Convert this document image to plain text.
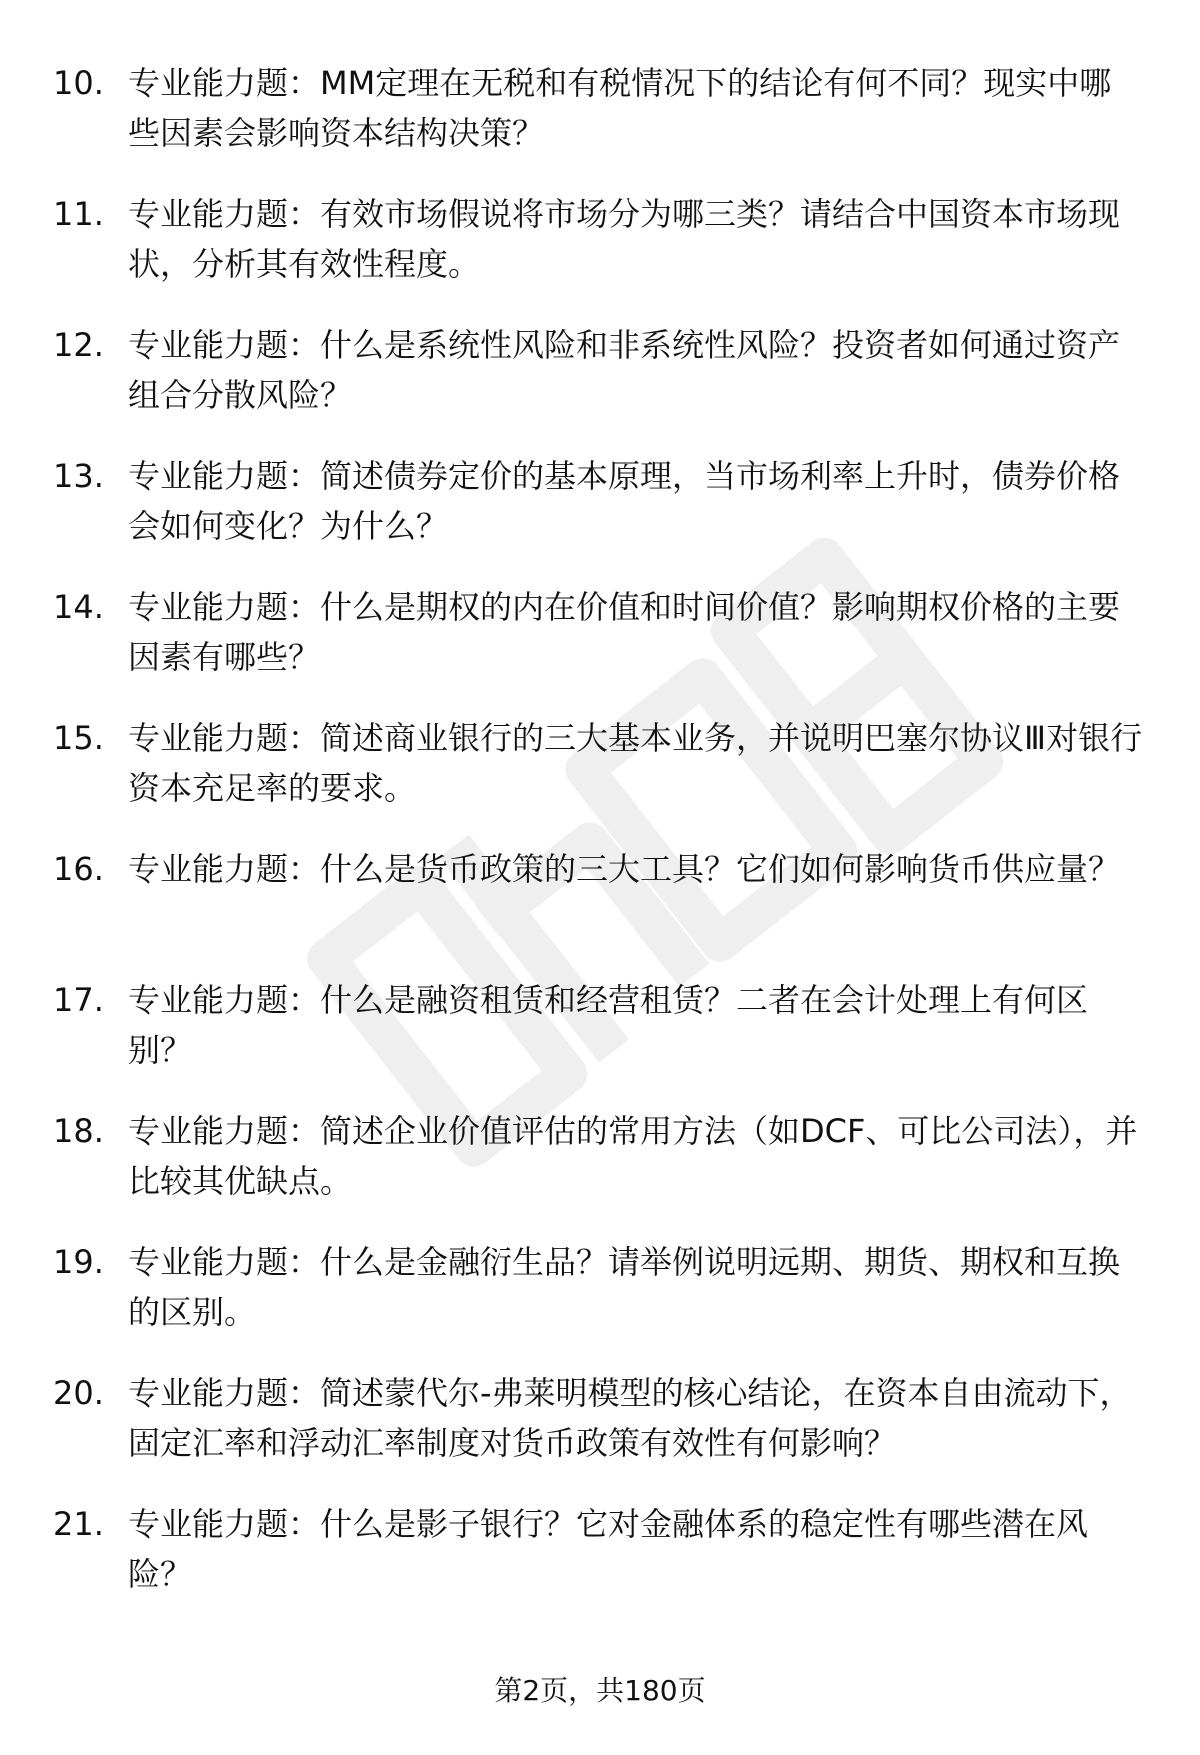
10. 专业能力题：MM定理在无税和有税情况下的结论有何不同？现实中哪些因素会影响资本结构决策？
11. 专业能力题：有效市场假说将市场分为哪三类？请结合中国资本市场现状，分析其有效性程度。
12. 专业能力题：什么是系统性风险和非系统性风险？投资者如何通过资产组合分散风险？
13. 专业能力题：简述债券定价的基本原理，当市场利率上升时，债券价格会如何变化？为什么？
14. 专业能力题：什么是期权的内在价值和时间价值？影响期权价格的主要因素有哪些？
15. 专业能力题：简述商业银行的三大基本业务，并说明巴塞尔协议Ⅲ对银行资本充足率的要求。
16. 专业能力题：什么是货币政策的三大工具？它们如何影响货币供应量？
17. 专业能力题：什么是融资租赁和经营租赁？二者在会计处理上有何区别？
18. 专业能力题：简述企业价值评估的常用方法（如DCF、可比公司法），并比较其优缺点。
19. 专业能力题：什么是金融衍生品？请举例说明远期、期货、期权和互换的区别。
20. 专业能力题：简述蒙代尔-弗莱明模型的核心结论，在资本自由流动下，固定汇率和浮动汇率制度对货币政策有效性有何影响？
21. 专业能力题：什么是影子银行？它对金融体系的稳定性有哪些潜在风险？
第2页，共180页
